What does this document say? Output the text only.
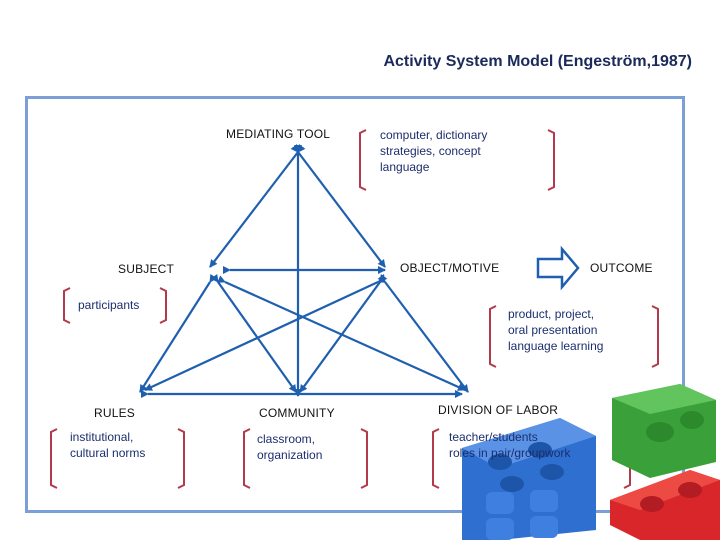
Activity System Model (Engeström,1987)
MEDIATING TOOL
SUBJECT	OBJECT/MOTIVE	OUTCOME
RULES	COMMUNITY	DIVISION OF LABOR
computer, dictionary
strategies, concept
language
participants
product, project,
oral presentation
language learning
institutional,
cultural norms
classroom,
organization
teacher/students
roles in pair/groupwork
